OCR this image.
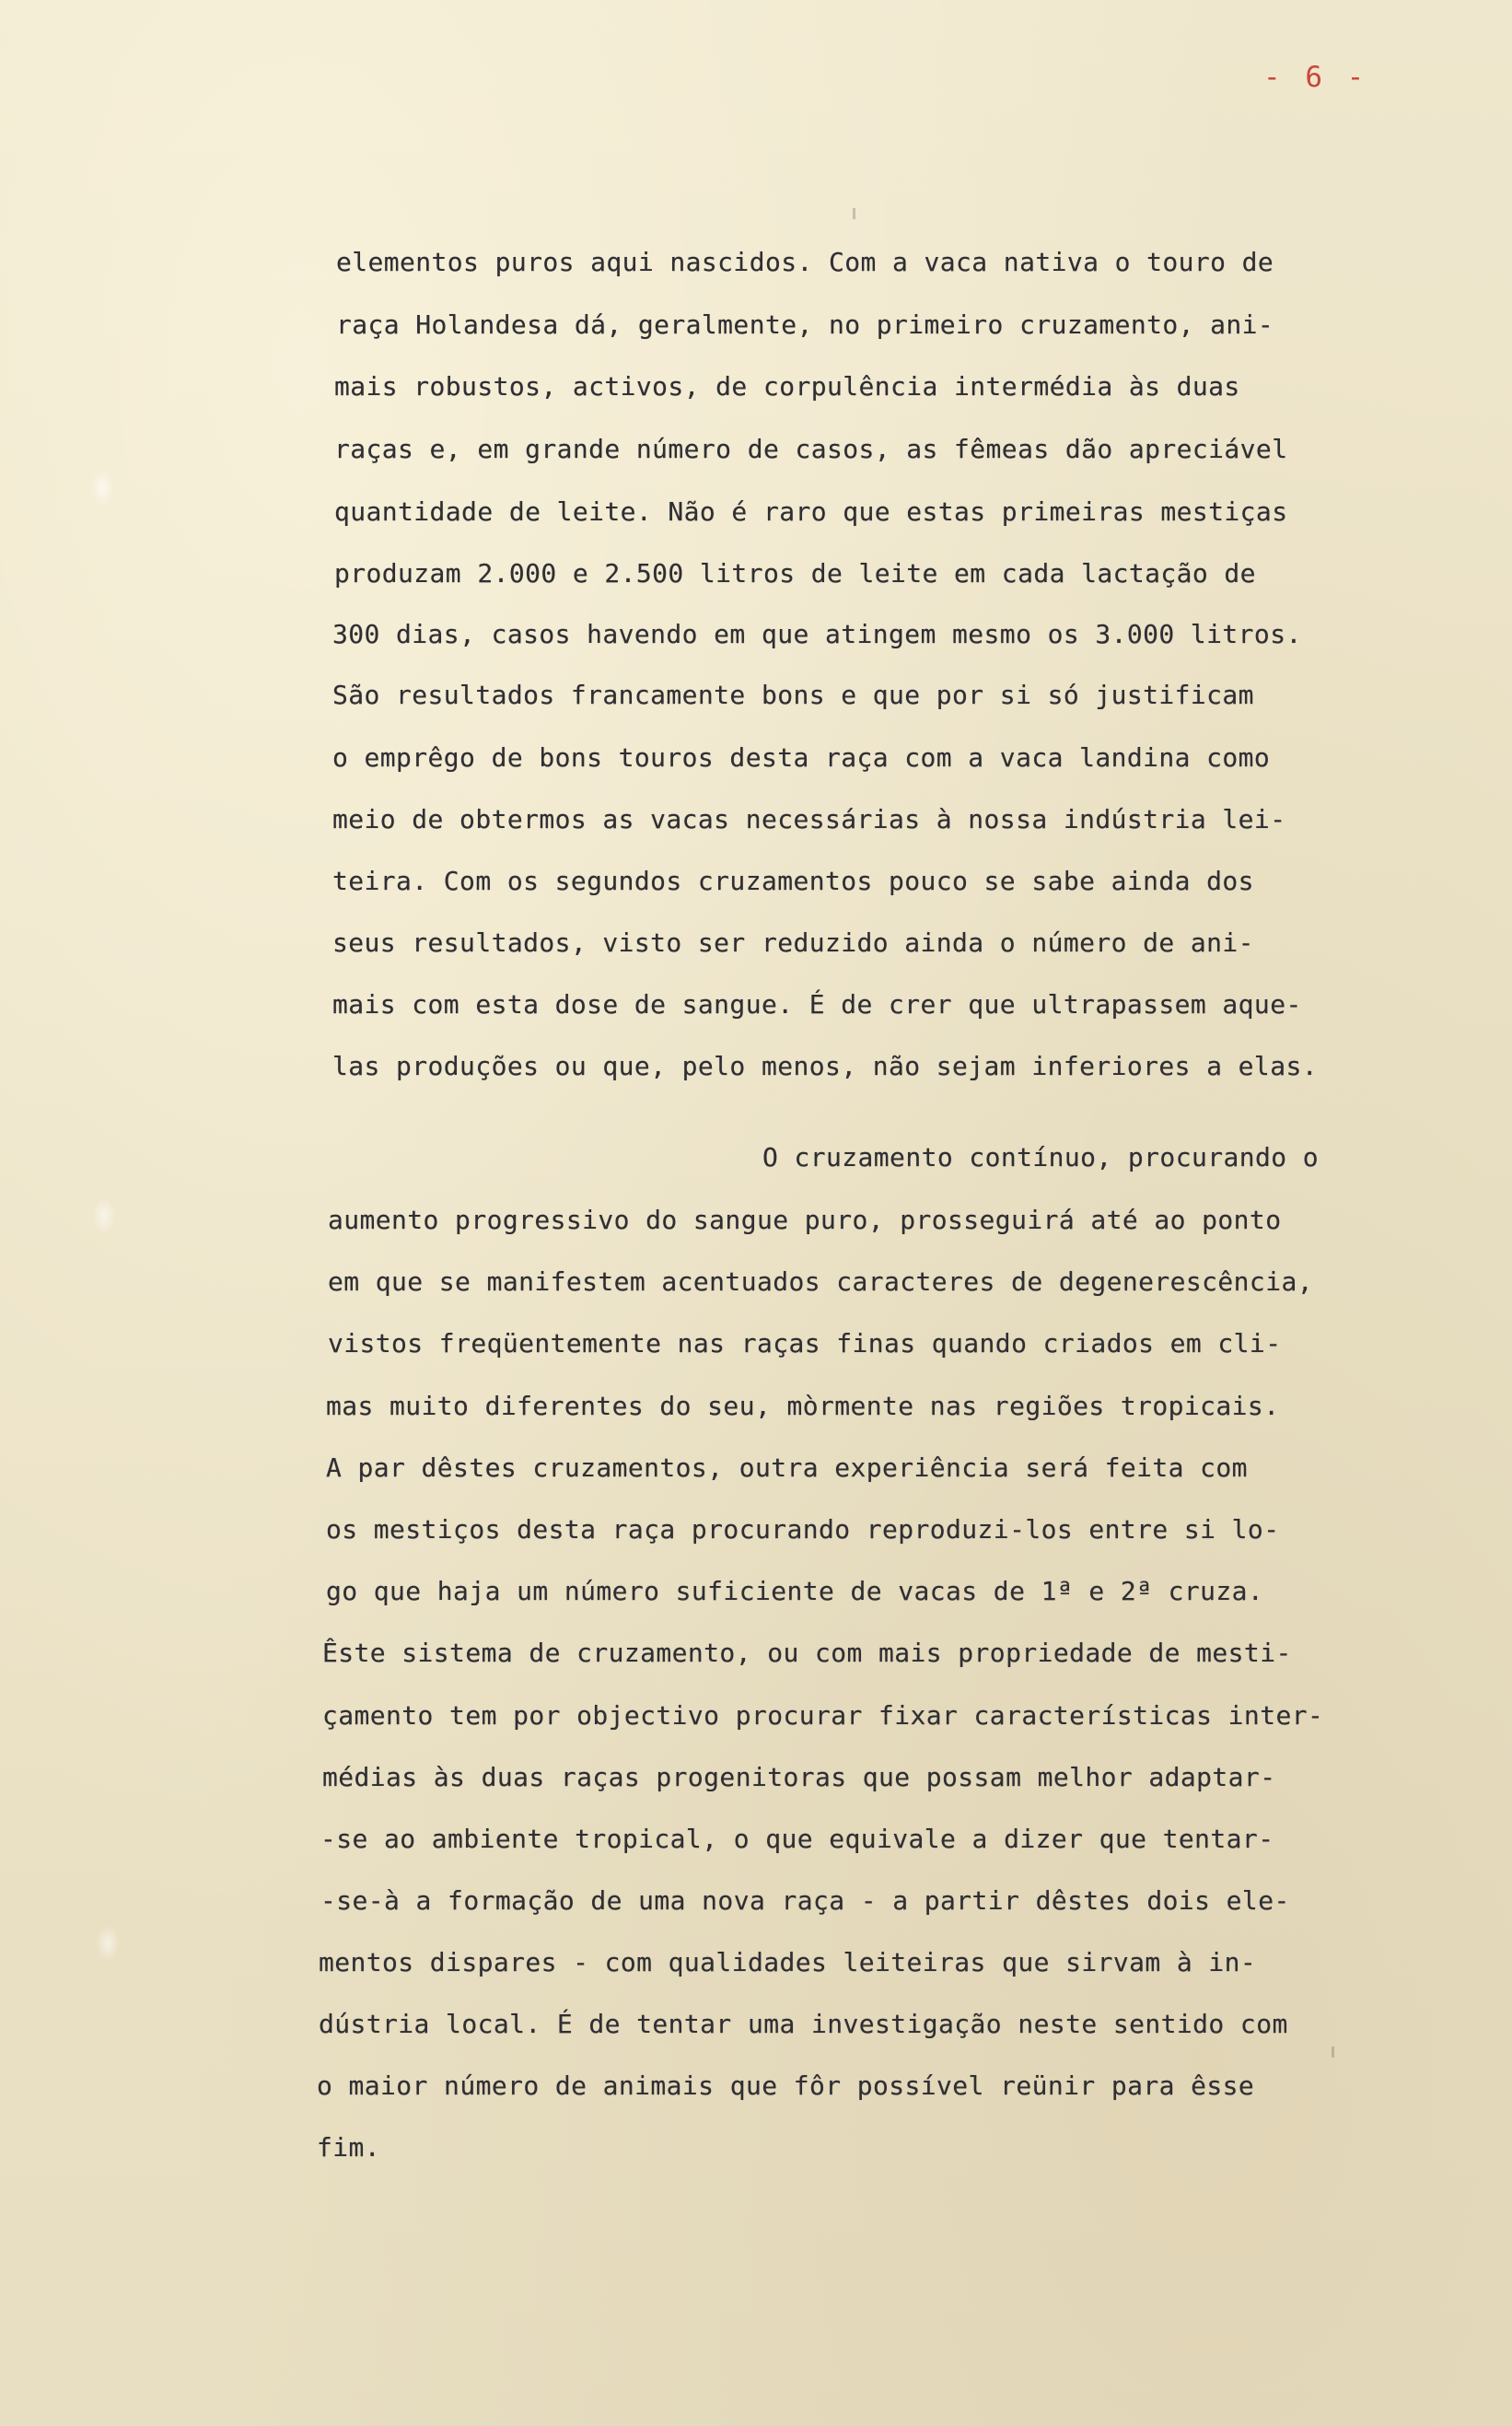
- 6 -
elementos puros aqui nascidos. Com a vaca nativa o touro de
raça Holandesa dá, geralmente, no primeiro cruzamento, ani-
mais robustos, activos, de corpulência intermédia às duas
raças e, em grande número de casos, as fêmeas dão apreciável
quantidade de leite. Não é raro que estas primeiras mestiças
produzam 2.000 e 2.500 litros de leite em cada lactação de
300 dias, casos havendo em que atingem mesmo os 3.000 litros.
São resultados francamente bons e que por si só justificam
o emprêgo de bons touros desta raça com a vaca landina como
meio de obtermos as vacas necessárias à nossa indústria lei-
teira. Com os segundos cruzamentos pouco se sabe ainda dos
seus resultados, visto ser reduzido ainda o número de ani-
mais com esta dose de sangue. É de crer que ultrapassem aque-
las produções ou que, pelo menos, não sejam inferiores a elas.
O cruzamento contínuo, procurando o
aumento progressivo do sangue puro, prosseguirá até ao ponto
em que se manifestem acentuados caracteres de degenerescência,
vistos freqüentemente nas raças finas quando criados em cli-
mas muito diferentes do seu, mòrmente nas regiões tropicais.
A par dêstes cruzamentos, outra experiência será feita com
os mestiços desta raça procurando reproduzi-los entre si lo-
go que haja um número suficiente de vacas de 1ª e 2ª cruza.
Êste sistema de cruzamento, ou com mais propriedade de mesti-
çamento tem por objectivo procurar fixar características inter-
médias às duas raças progenitoras que possam melhor adaptar-
-se ao ambiente tropical, o que equivale a dizer que tentar-
-se-à a formação de uma nova raça - a partir dêstes dois ele-
mentos dispares - com qualidades leiteiras que sirvam à in-
dústria local. É de tentar uma investigação neste sentido com
o maior número de animais que fôr possível reünir para êsse
fim.
